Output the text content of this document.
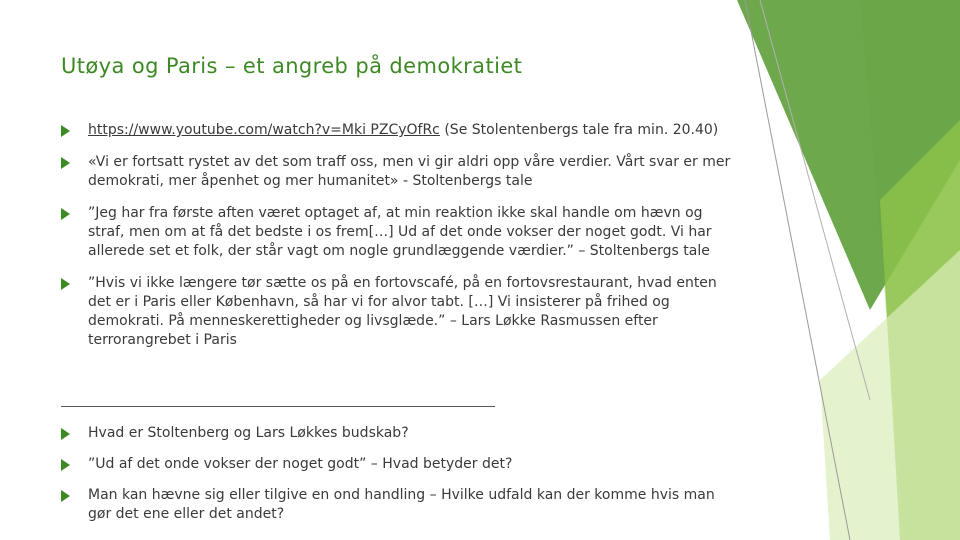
Utøya og Paris – et angreb på demokratiet
https://www.youtube.com/watch?v=Mki PZCyOfRc (Se Stolentenbergs tale fra min. 20.40)
«Vi er fortsatt rystet av det som traff oss, men vi gir aldri opp våre verdier. Vårt svar er mer demokrati, mer åpenhet og mer humanitet» - Stoltenbergs tale
”Jeg har fra første aften været optaget af, at min reaktion ikke skal handle om hævn og straf, men om at få det bedste i os frem[…] Ud af det onde vokser der noget godt. Vi har allerede set et folk, der står vagt om nogle grundlæggende værdier.” – Stoltenbergs tale
”Hvis vi ikke længere tør sætte os på en fortovscafé, på en fortovsrestaurant, hvad enten det er i Paris eller København, så har vi for alvor tabt. […] Vi insisterer på frihed og demokrati. På menneskerettigheder og livsglæde.” – Lars Løkke Rasmussen efter terrorangrebet i Paris
Hvad er Stoltenberg og Lars Løkkes budskab?
”Ud af det onde vokser der noget godt” – Hvad betyder det?
Man kan hævne sig eller tilgive en ond handling – Hvilke udfald kan der komme hvis man gør det ene eller det andet?
